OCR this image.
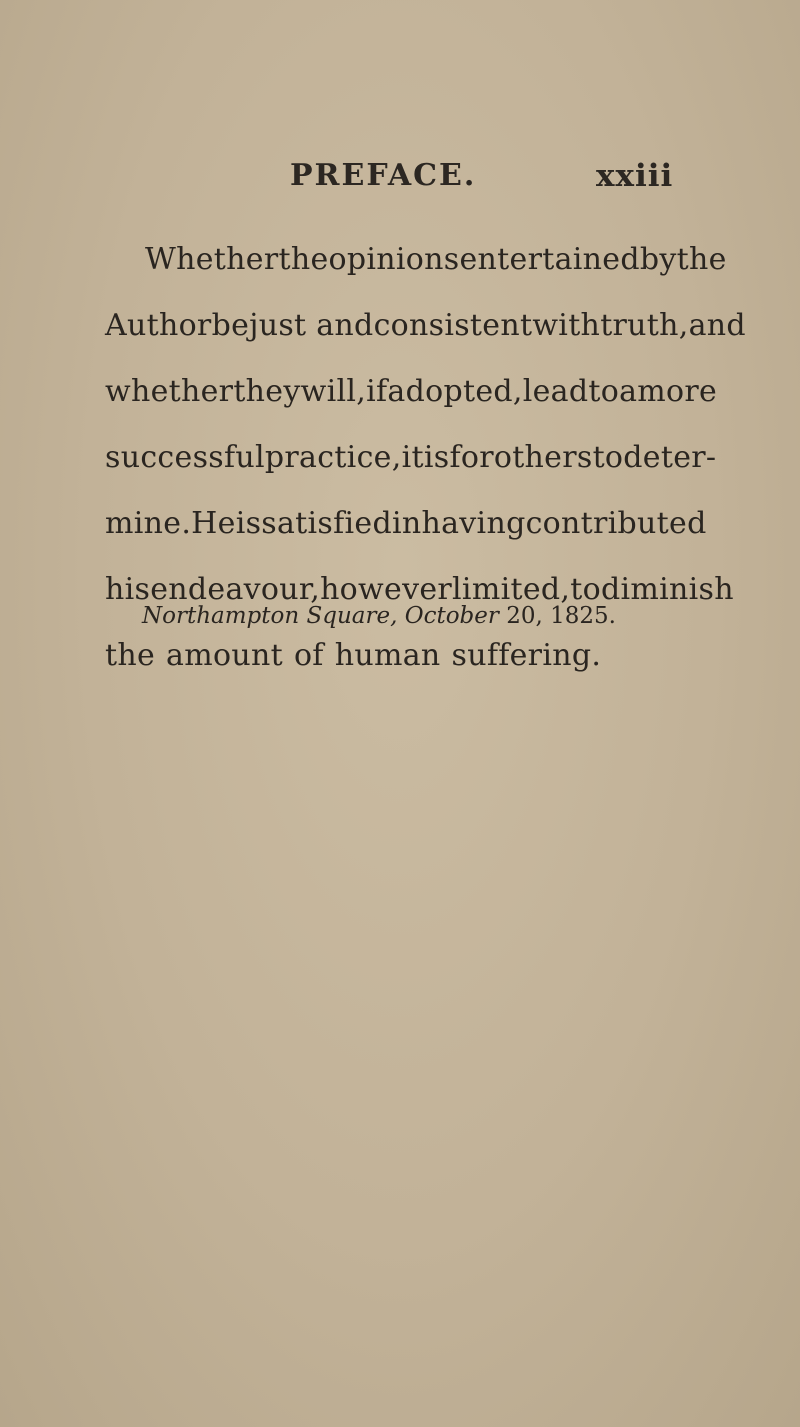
PREFACE.	xxiii
Whether the opinions entertained by the
Author be just and consistent with truth, and
whether they will, if adopted, lead to a more
successful practice, it is for others to deter-
mine. He is satisfied in having contributed
his endeavour, however limited, to diminish
the amount of human suffering.
Northampton Square, October 20, 1825.
